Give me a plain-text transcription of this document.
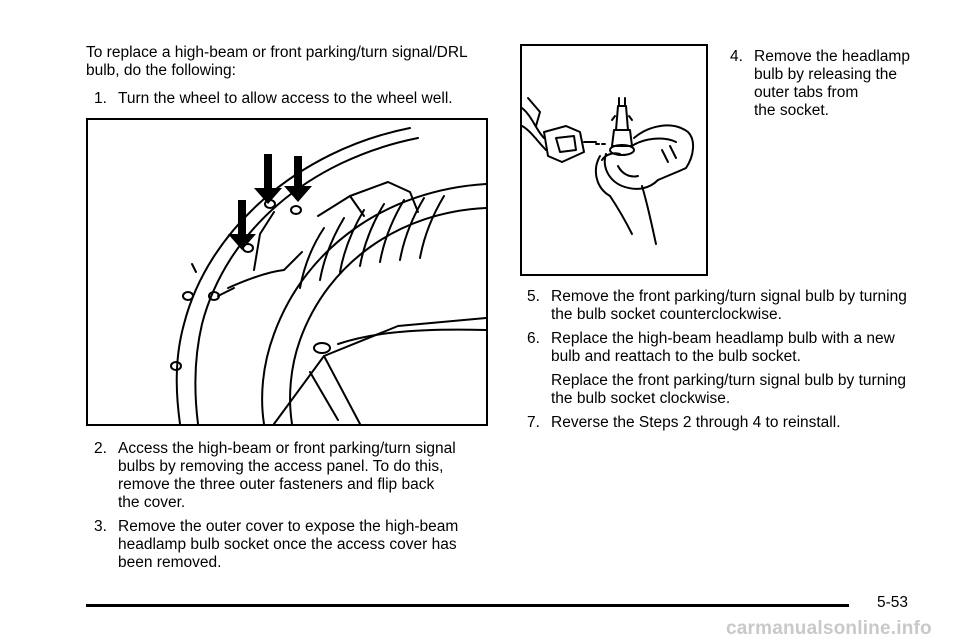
To replace a high-beam or front parking/turn signal/DRL
bulb, do the following:
1. Turn the wheel to allow access to the wheel well.
2. Access the high-beam or front parking/turn signal
bulbs by removing the access panel. To do this,
remove the three outer fasteners and flip back
the cover.
3. Remove the outer cover to expose the high-beam
headlamp bulb socket once the access cover has
been removed.
4. Remove the headlamp
bulb by releasing the
outer tabs from
the socket.
5. Remove the front parking/turn signal bulb by turning
the bulb socket counterclockwise.
6. Replace the high-beam headlamp bulb with a new
bulb and reattach to the bulb socket.
Replace the front parking/turn signal bulb by turning
the bulb socket clockwise.
7. Reverse the Steps 2 through 4 to reinstall.
5-53
carmanualsonline.info
